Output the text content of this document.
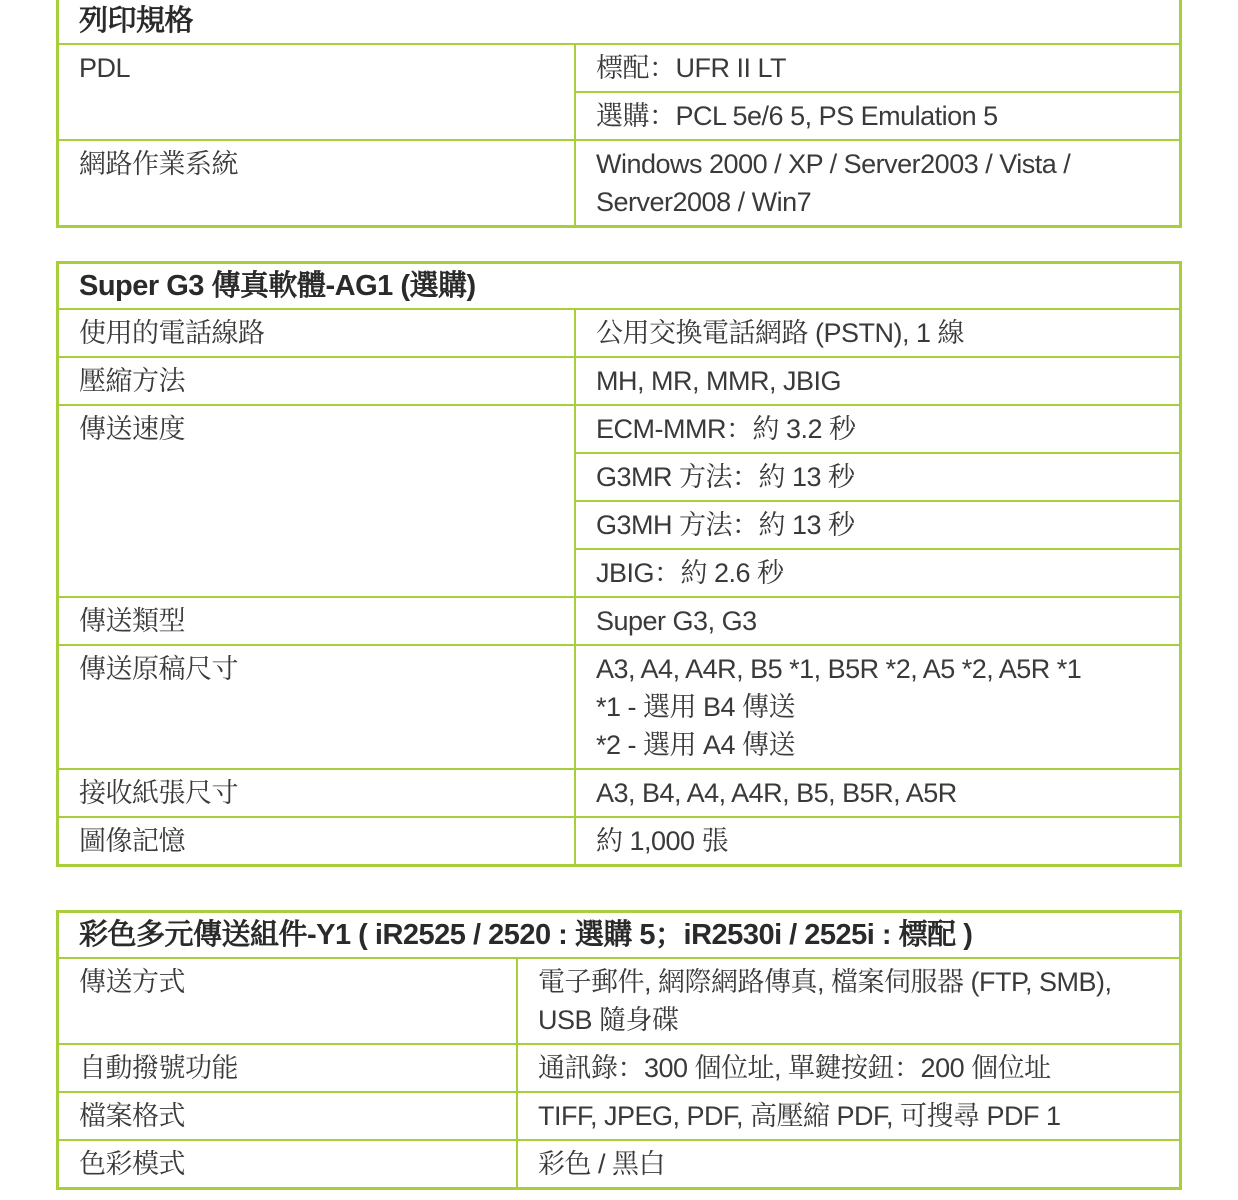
列印規格	
PDL	標配：UFR II LT
	選購：PCL 5e/6 5, PS Emulation 5
網路作業系統	Windows 2000 / XP / Server2003 / Vista /
Server2008 / Win7
Super G3 傳真軟體-AG1 (選購)	
使用的電話線路	公用交換電話網路 (PSTN), 1 線
壓縮方法	MH, MR, MMR, JBIG
傳送速度	ECM-MMR：約 3.2 秒
	G3MR 方法：約 13 秒
	G3MH 方法：約 13 秒
	JBIG：約 2.6 秒
傳送類型	Super G3, G3
傳送原稿尺寸	A3, A4, A4R, B5 *1, B5R *2, A5 *2, A5R *1
*1 - 選用 B4 傳送
*2 - 選用 A4 傳送

接收紙張尺寸	A3, B4, A4, A4R, B5, B5R, A5R
圖像記憶	約 1,000 張
彩色多元傳送組件-Y1 ( iR2525 / 2520 : 選購 5；iR2530i / 2525i : 標配 )	
傳送方式	電子郵件, 網際網路傳真, 檔案伺服器 (FTP, SMB),
USB 隨身碟

自動撥號功能	通訊錄：300 個位址, 單鍵按鈕：200 個位址
檔案格式	TIFF, JPEG, PDF, 高壓縮 PDF, 可搜尋 PDF 1
色彩模式	彩色 / 黑白
